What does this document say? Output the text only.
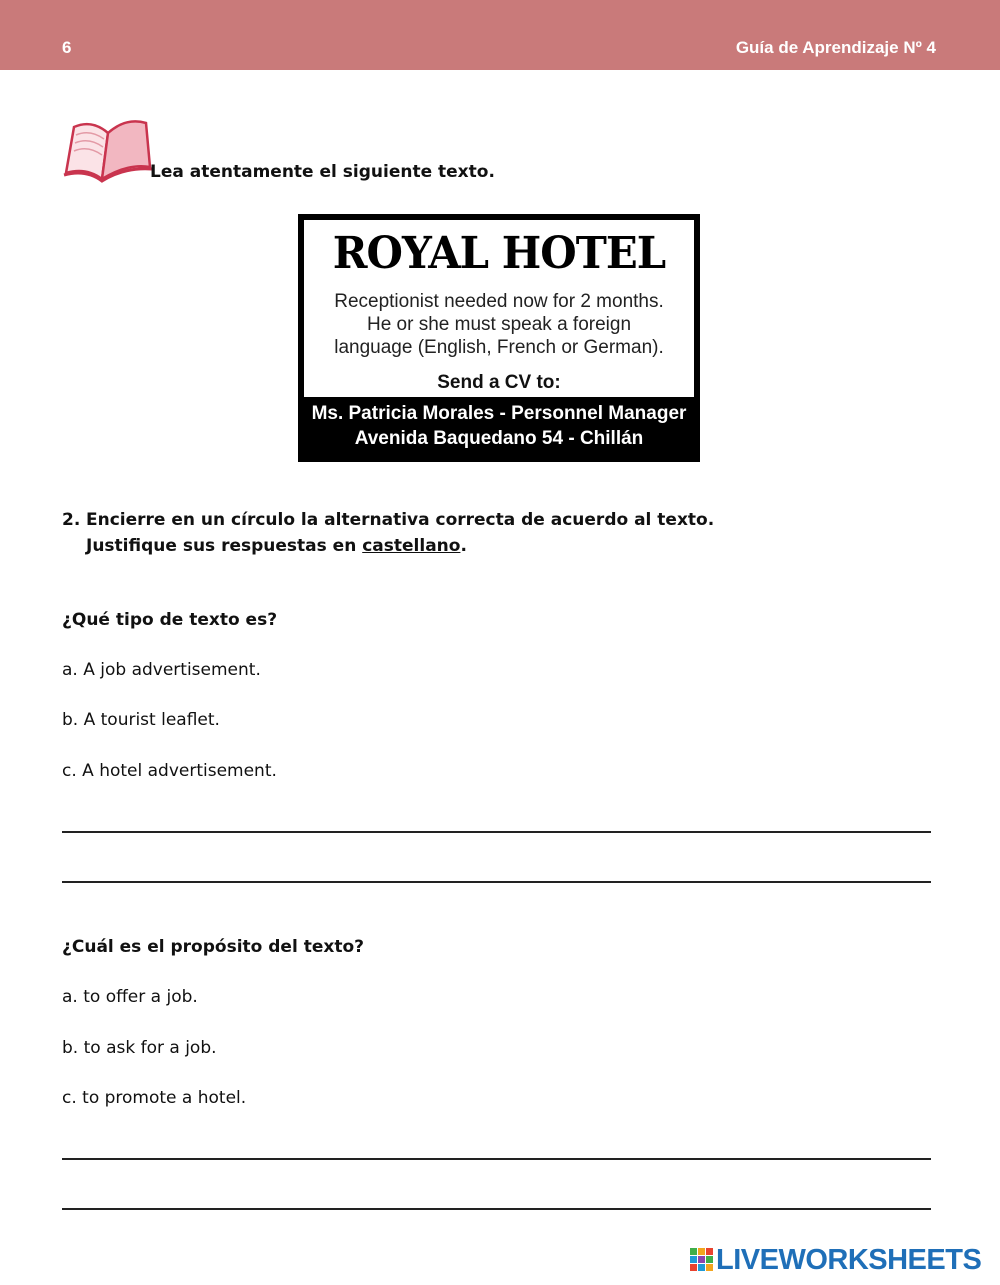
6	Guía de Aprendizaje Nº 4
Lea atentamente el siguiente texto.
ROYAL HOTEL
Receptionist needed now for 2 months.
He or she must speak a foreign
language (English, French or German).
Send a CV to:
Ms. Patricia Morales - Personnel Manager
Avenida Baquedano 54 - Chillán
2. Encierre en un círculo la alternativa correcta de acuerdo al texto.
Justifique sus respuestas en castellano.
¿Qué tipo de texto es?
a. A job advertisement.
b. A tourist leaflet.
c. A hotel advertisement.
¿Cuál es el propósito del texto?
a. to offer a job.
b. to ask for a job.
c. to promote a hotel.
LIVEWORKSHEETS
